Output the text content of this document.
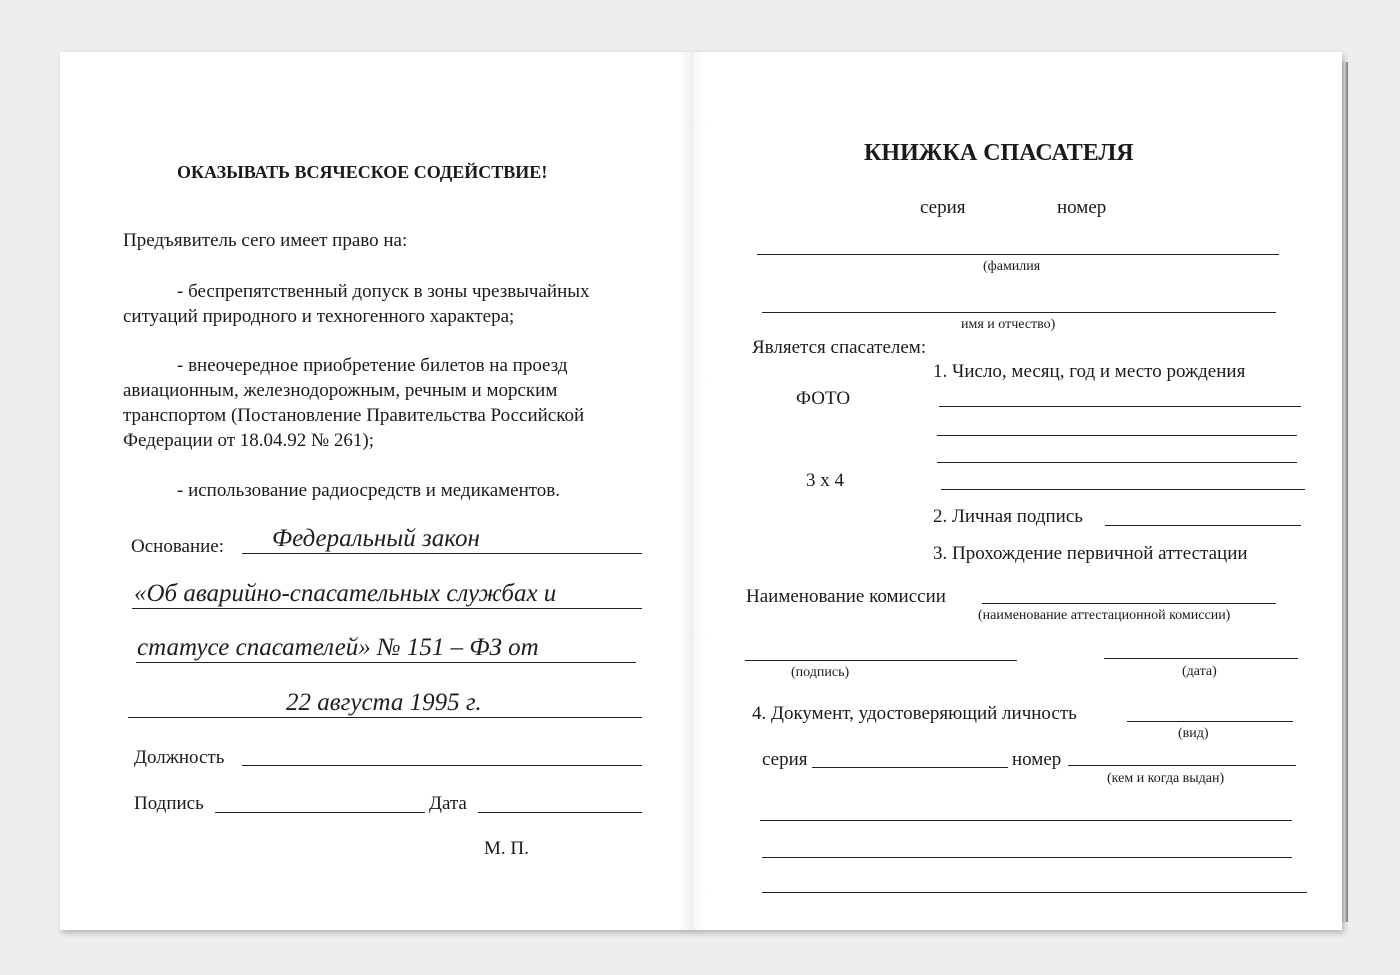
ОКАЗЫВАТЬ ВСЯЧЕСКОЕ СОДЕЙСТВИЕ!
Предъявитель сего имеет право на:
- беспрепятственный допуск в зоны чрезвычайных
ситуаций природного и техногенного характера;
- внеочередное приобретение билетов на проезд
авиационным, железнодорожным, речным и морским
транспортом (Постановление Правительства Российской
Федерации от 18.04.92 № 261);
- использование радиосредств и медикаментов.
Основание: Федеральный закон
«Об аварийно-спасательных службах и
статусе спасателей» № 151 – ФЗ от
22 августа 1995 г.
Должность
Подпись	Дата
М. П.
КНИЖКА СПАСАТЕЛЯ
серия	номер
(фамилия
имя и отчество)
Является спасателем:
ФОТО
3 х 4
1. Число, месяц, год и место рождения
2. Личная подпись
3. Прохождение первичной аттестации
Наименование комиссии
(наименование аттестационной комиссии)
(подпись)	(дата)
4. Документ, удостоверяющий личность
(вид)
серия	номер
(кем и когда выдан)
